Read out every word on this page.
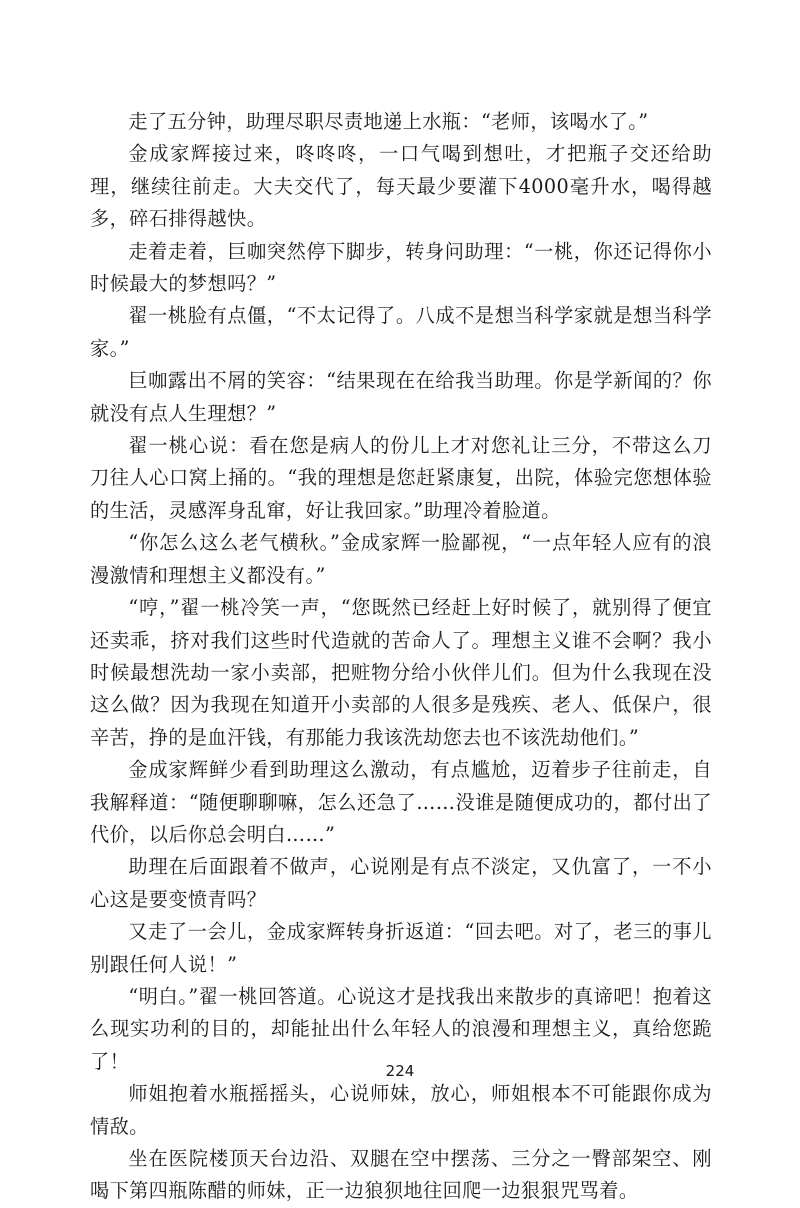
走了五分钟，助理尽职尽责地递上水瓶：“老师，该喝水了。”

金成家辉接过来，咚咚咚，一口气喝到想吐，才把瓶子交还给助理，继续往前走。大夫交代了，每天最少要灌下4000毫升水，喝得越多，碎石排得越快。

走着走着，巨咖突然停下脚步，转身问助理：“一桃，你还记得你小时候最大的梦想吗？”

翟一桃脸有点僵，“不太记得了。八成不是想当科学家就是想当科学家。”

巨咖露出不屑的笑容：“结果现在在给我当助理。你是学新闻的？你就没有点人生理想？”

翟一桃心说：看在您是病人的份儿上才对您礼让三分，不带这么刀刀往人心口窝上捅的。“我的理想是您赶紧康复，出院，体验完您想体验的生活，灵感浑身乱窜，好让我回家。”助理冷着脸道。

“你怎么这么老气横秋。”金成家辉一脸鄙视，“一点年轻人应有的浪漫激情和理想主义都没有。”

“哼，”翟一桃冷笑一声，“您既然已经赶上好时候了，就别得了便宜还卖乖，挤对我们这些时代造就的苦命人了。理想主义谁不会啊？我小时候最想洗劫一家小卖部，把赃物分给小伙伴儿们。但为什么我现在没这么做？因为我现在知道开小卖部的人很多是残疾、老人、低保户，很辛苦，挣的是血汗钱，有那能力我该洗劫您去也不该洗劫他们。”

金成家辉鲜少看到助理这么激动，有点尴尬，迈着步子往前走，自我解释道：“随便聊聊嘛，怎么还急了……没谁是随便成功的，都付出了代价，以后你总会明白……”

助理在后面跟着不做声，心说刚是有点不淡定，又仇富了，一不小心这是要变愤青吗？

又走了一会儿，金成家辉转身折返道：“回去吧。对了，老三的事儿别跟任何人说！”

“明白。”翟一桃回答道。心说这才是找我出来散步的真谛吧！抱着这么现实功利的目的，却能扯出什么年轻人的浪漫和理想主义，真给您跪了！

师姐抱着水瓶摇摇头，心说师妹，放心，师姐根本不可能跟你成为情敌。

坐在医院楼顶天台边沿、双腿在空中摆荡、三分之一臀部架空、刚喝下第四瓶陈醋的师妹，正一边狼狈地往回爬一边狠狠咒骂着。

224
